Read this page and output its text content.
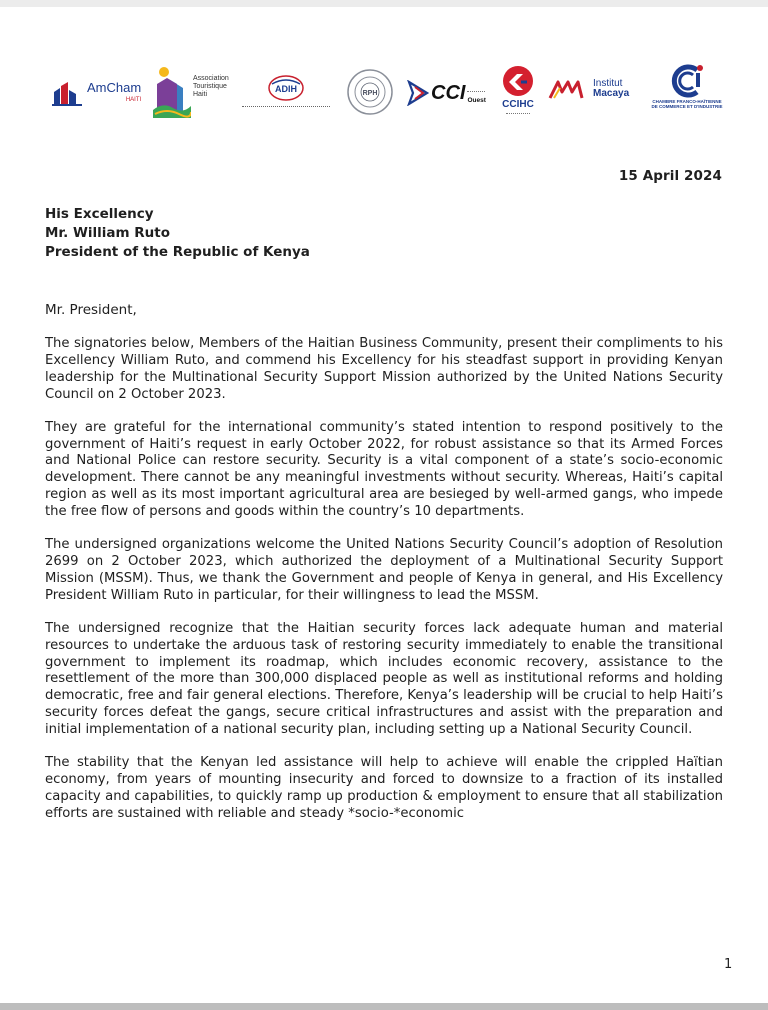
AmCham
HAITI
Association
Touristique
Haiti
ADIH	RPH	CCI Ouest CCIHC
Institut
Macaya
CHAMBRE FRANCO-HAÏTIENNE
DE COMMERCE ET D'INDUSTRIE
15 April 2024
His Excellency
Mr. William Ruto
President of the Republic of Kenya
Mr. President,

The signatories below, Members of the Haitian Business Community, present their compliments to his Excellency William Ruto, and commend his Excellency for his steadfast support in providing Kenyan leadership for the Multinational Security Support Mission authorized by the United Nations Security Council on 2 October 2023.

They are grateful for the international community’s stated intention to respond positively to the government of Haiti’s request in early October 2022, for robust assistance so that its Armed Forces and National Police can restore security. Security is a vital component of a state’s socio-economic development. There cannot be any meaningful investments without security. Whereas, Haiti’s capital region as well as its most important agricultural area are besieged by well-armed gangs, who impede the free flow of persons and goods within the country’s 10 departments.

The undersigned organizations welcome the United Nations Security Council’s adoption of Resolution 2699 on 2 October 2023, which authorized the deployment of a Multinational Security Support Mission (MSSM). Thus, we thank the Government and people of Kenya in general, and His Excellency President William Ruto in particular, for their willingness to lead the MSSM.

The undersigned recognize that the Haitian security forces lack adequate human and material resources to undertake the arduous task of restoring security immediately to enable the transitional government to implement its roadmap, which includes economic recovery, assistance to the resettlement of the more than 300,000 displaced people as well as institutional reforms and holding democratic, free and fair general elections. Therefore, Kenya’s leadership will be crucial to help Haiti’s security forces defeat the gangs, secure critical infrastructures and assist with the preparation and initial implementation of a national security plan, including setting up a National Security Council.

The stability that the Kenyan led assistance will help to achieve will enable the crippled Haïtian economy, from years of mounting insecurity and forced to downsize to a fraction of its installed capacity and capabilities, to quickly ramp up production & employment to ensure that all stabilization efforts are sustained with reliable and steady *socio-*economic

1
